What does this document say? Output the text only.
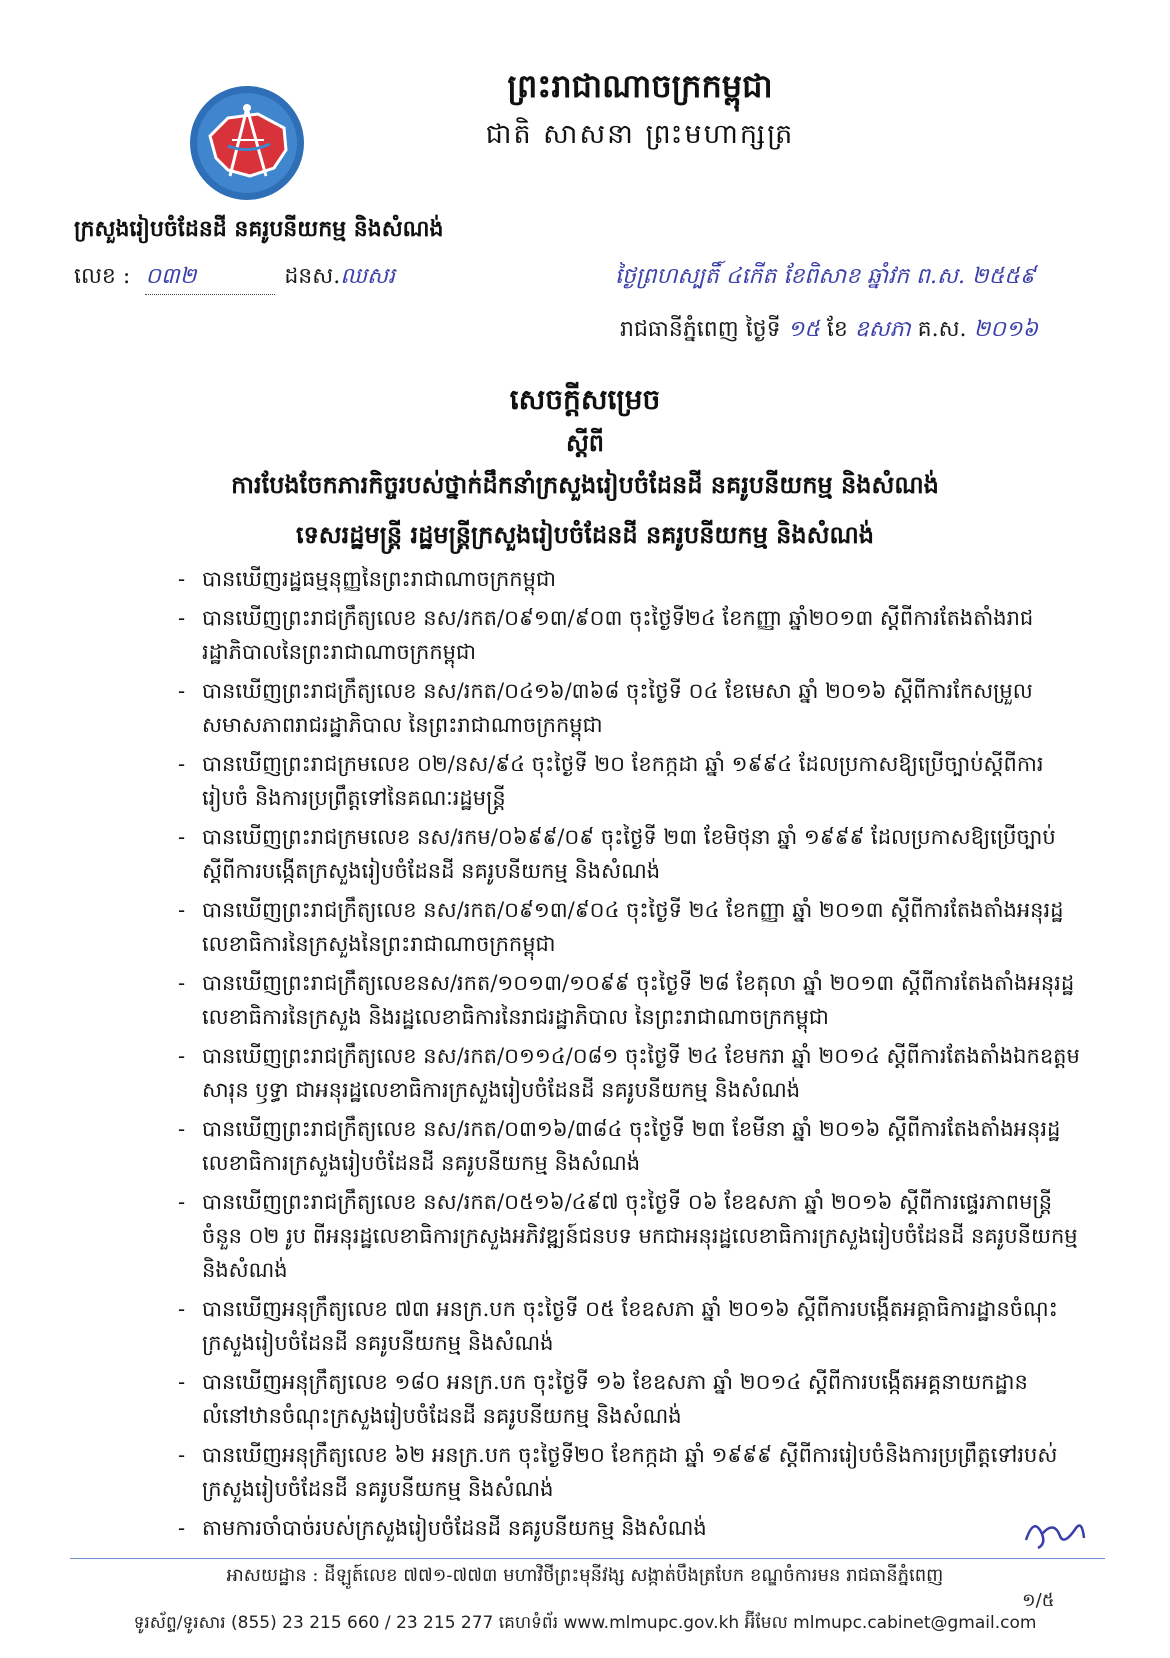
ព្រះរាជាណាចក្រកម្ពុជា
ជាតិ សាសនា ព្រះមហាក្សត្រ
ក្រសួងរៀបចំដែនដី នគរូបនីយកម្ម និងសំណង់
លេខ : ០៣២	ដនស.ឈសរ	ថ្ងៃព្រហស្បតិ៍ ៤កើត ខែពិសាខ ឆ្នាំវក ព.ស. ២៥៥៩
រាជធានីភ្នំពេញ ថ្ងៃទី ១៥ ខែ ឧសភា គ.ស. ២០១៦
សេចក្តីសម្រេច
ស្តីពី
ការបែងចែកភារកិច្ចរបស់ថ្នាក់ដឹកនាំក្រសួងរៀបចំដែនដី នគរូបនីយកម្ម និងសំណង់
ទេសរដ្ឋមន្ត្រី រដ្ឋមន្ត្រីក្រសួងរៀបចំដែនដី នគរូបនីយកម្ម និងសំណង់
- បានឃើញរដ្ឋធម្មនុញ្ញនៃព្រះរាជាណាចក្រកម្ពុជា
- បានឃើញព្រះរាជក្រឹត្យលេខ នស/រកត/០៩១៣/៩០៣ ចុះថ្ងៃទី២៤ ខែកញ្ញា ឆ្នាំ២០១៣ ស្តីពីការតែងតាំងរាជរដ្ឋាភិបាលនៃព្រះរាជាណាចក្រកម្ពុជា
- បានឃើញព្រះរាជក្រឹត្យលេខ នស/រកត/០៤១៦/៣៦៨ ចុះថ្ងៃទី ០៤ ខែមេសា ឆ្នាំ ២០១៦ ស្តីពីការកែសម្រួលសមាសភាពរាជរដ្ឋាភិបាល នៃព្រះរាជាណាចក្រកម្ពុជា
- បានឃើញព្រះរាជក្រមលេខ ០២/នស/៩៤ ចុះថ្ងៃទី ២០ ខែកក្កដា ឆ្នាំ ១៩៩៤ ដែលប្រកាសឱ្យប្រើច្បាប់ស្តីពីការរៀបចំ និងការប្រព្រឹត្តទៅនៃគណៈរដ្ឋមន្ត្រី
- បានឃើញព្រះរាជក្រមលេខ នស/រកម/០៦៩៩/០៩ ចុះថ្ងៃទី ២៣ ខែមិថុនា ឆ្នាំ ១៩៩៩ ដែលប្រកាសឱ្យប្រើច្បាប់ស្តីពីការបង្កើតក្រសួងរៀបចំដែនដី នគរូបនីយកម្ម និងសំណង់
- បានឃើញព្រះរាជក្រឹត្យលេខ នស/រកត/០៩១៣/៩០៤ ចុះថ្ងៃទី ២៤ ខែកញ្ញា ឆ្នាំ ២០១៣ ស្តីពីការតែងតាំងអនុរដ្ឋលេខាធិការនៃក្រសួងនៃព្រះរាជាណាចក្រកម្ពុជា
- បានឃើញព្រះរាជក្រឹត្យលេខនស/រកត/១០១៣/១០៩៩ ចុះថ្ងៃទី ២៨ ខែតុលា ឆ្នាំ ២០១៣ ស្តីពីការតែងតាំងអនុរដ្ឋលេខាធិការនៃក្រសួង និងរដ្ឋលេខាធិការនៃរាជរដ្ឋាភិបាល នៃព្រះរាជាណាចក្រកម្ពុជា
- បានឃើញព្រះរាជក្រឹត្យលេខ នស/រកត/០១១៤/០៨១ ចុះថ្ងៃទី ២៤ ខែមករា ឆ្នាំ ២០១៤ ស្តីពីការតែងតាំងឯកឧត្តម សារុន ឫទ្ធា ជាអនុរដ្ឋលេខាធិការក្រសួងរៀបចំដែនដី នគរូបនីយកម្ម និងសំណង់
- បានឃើញព្រះរាជក្រឹត្យលេខ នស/រកត/០៣១៦/៣៨៤ ចុះថ្ងៃទី ២៣ ខែមីនា ឆ្នាំ ២០១៦ ស្តីពីការតែងតាំងអនុរដ្ឋលេខាធិការក្រសួងរៀបចំដែនដី នគរូបនីយកម្ម និងសំណង់
- បានឃើញព្រះរាជក្រឹត្យលេខ នស/រកត/០៥១៦/៤៩៧ ចុះថ្ងៃទី ០៦ ខែឧសភា ឆ្នាំ ២០១៦ ស្តីពីការផ្ទេរភាពមន្ត្រីចំនួន ០២ រូប ពីអនុរដ្ឋលេខាធិការក្រសួងអភិវឌ្ឍន៍ជនបទ មកជាអនុរដ្ឋលេខាធិការក្រសួងរៀបចំដែនដី នគរូបនីយកម្ម និងសំណង់
- បានឃើញអនុក្រឹត្យលេខ ៧៣ អនក្រ.បក ចុះថ្ងៃទី ០៥ ខែឧសភា ឆ្នាំ ២០១៦ ស្តីពីការបង្កើតអគ្គាធិការដ្ឋានចំណុះក្រសួងរៀបចំដែនដី នគរូបនីយកម្ម និងសំណង់
- បានឃើញអនុក្រឹត្យលេខ ១៨០ អនក្រ.បក ចុះថ្ងៃទី ១៦ ខែឧសភា ឆ្នាំ ២០១៤ ស្តីពីការបង្កើតអគ្គនាយកដ្ឋានលំនៅឋានចំណុះក្រសួងរៀបចំដែនដី នគរូបនីយកម្ម និងសំណង់
- បានឃើញអនុក្រឹត្យលេខ ៦២ អនក្រ.បក ចុះថ្ងៃទី២០ ខែកក្កដា ឆ្នាំ ១៩៩៩ ស្តីពីការរៀបចំនិងការប្រព្រឹត្តទៅរបស់ក្រសួងរៀបចំដែនដី នគរូបនីយកម្ម និងសំណង់
- តាមការចាំបាច់របស់ក្រសួងរៀបចំដែនដី នគរូបនីយកម្ម និងសំណង់
អាសយដ្ឋាន : ដីឡូត៍លេខ ៧៧១-៧៧៣ មហាវិថីព្រះមុនីវង្ស សង្កាត់បឹងត្របែក ខណ្ឌចំការមន រាជធានីភ្នំពេញ
១/៥
ទូរស័ព្ទ/ទូរសារ (855) 23 215 660 / 23 215 277 គេហទំព័រ www.mlmupc.gov.kh អ៊ីមែល mlmupc.cabinet@gmail.com
